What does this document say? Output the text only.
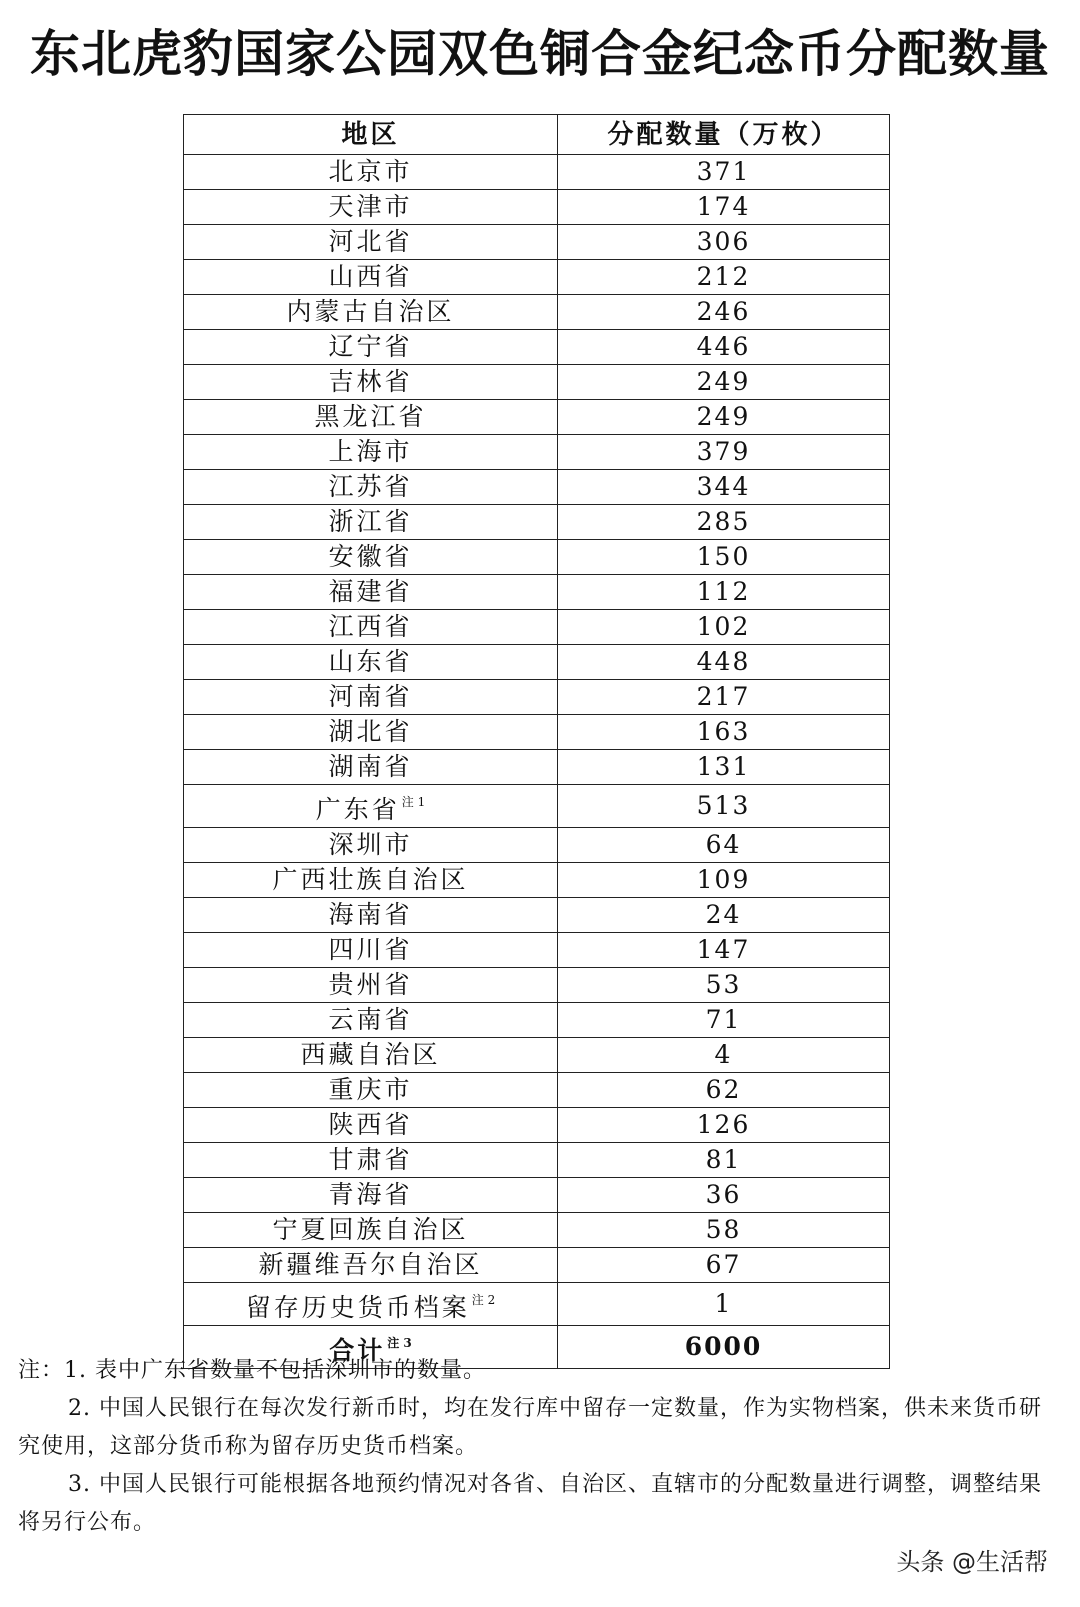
东北虎豹国家公园双色铜合金纪念币分配数量
地区	分配数量（万枚）
北京市	371
天津市	174
河北省	306
山西省	212
内蒙古自治区	246
辽宁省	446
吉林省	249
黑龙江省	249
上海市	379
江苏省	344
浙江省	285
安徽省	150
福建省	112
江西省	102
山东省	448
河南省	217
湖北省	163
湖南省	131
广东省 $^{注 1}$	513
深圳市	64
广西壮族自治区	109
海南省	24
四川省	147
贵州省	53
云南省	71
西藏自治区	4
重庆市	62
陕西省	126
甘肃省	81
青海省	36
宁夏回族自治区	58
新疆维吾尔自治区	67
留存历史货币档案 $^{注 2}$	1
合计 $^{注 3}$	6000

注：1. 表中广东省数量不包括深圳市的数量。

2. 中国人民银行在每次发行新币时，均在发行库中留存一定数量，作为实物档案，供未来货币研究使用，这部分货币称为留存历史货币档案。

3. 中国人民银行可能根据各地预约情况对各省、自治区、直辖市的分配数量进行调整，调整结果将另行公布。

头条 @生活帮
